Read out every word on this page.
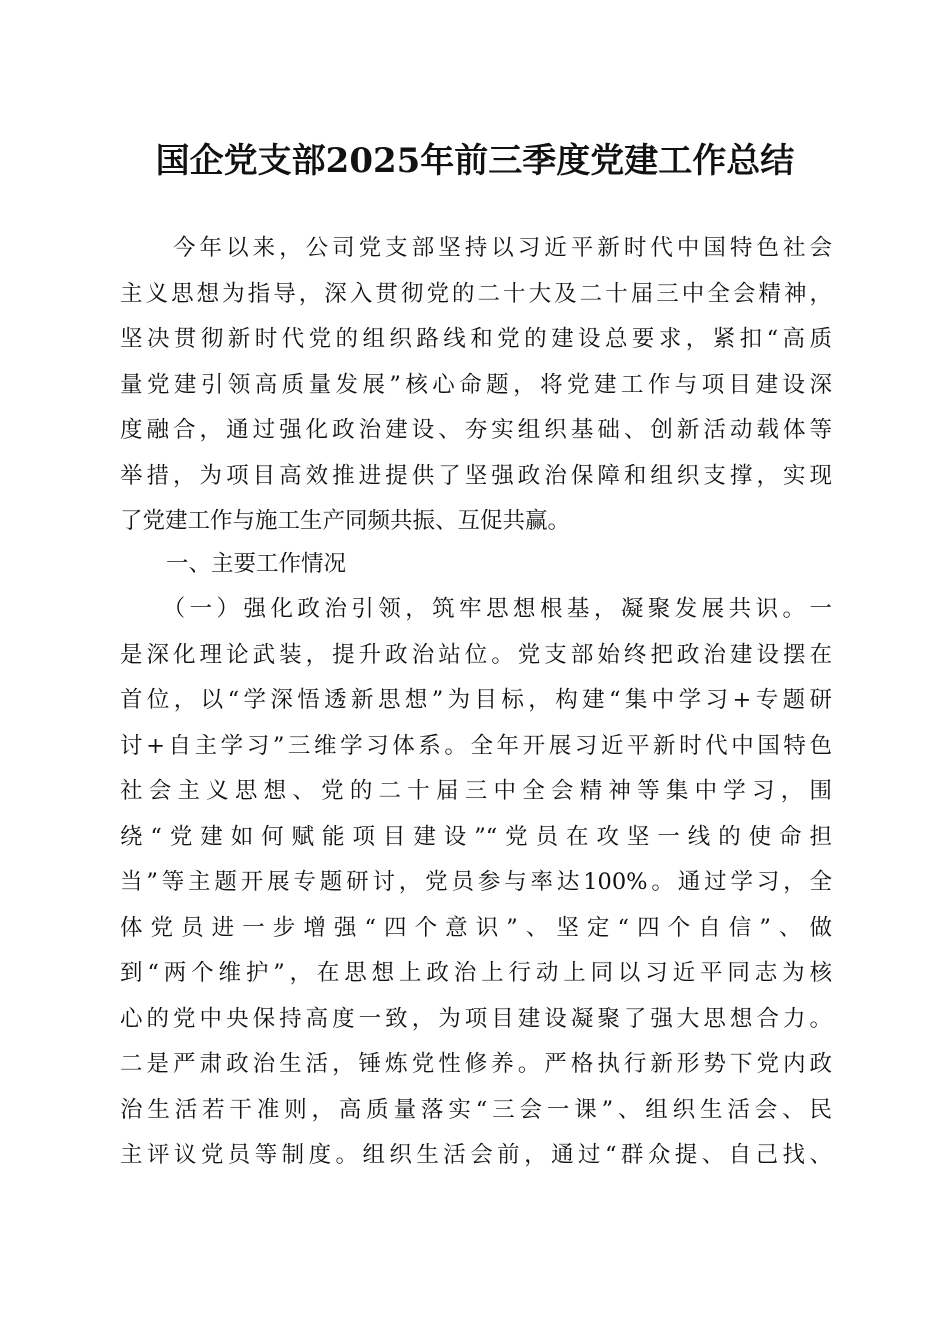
国企党支部2025年前三季度党建工作总结
　　今年以来，公司党支部坚持以习近平新时代中国特色社会
主义思想为指导，深入贯彻党的二十大及二十届三中全会精神，
坚决贯彻新时代党的组织路线和党的建设总要求，紧扣“高质
量党建引领高质量发展”核心命题，将党建工作与项目建设深
度融合，通过强化政治建设、夯实组织基础、创新活动载体等
举措，为项目高效推进提供了坚强政治保障和组织支撑，实现
了党建工作与施工生产同频共振、互促共赢。
一、主要工作情况
　　（一）强化政治引领，筑牢思想根基，凝聚发展共识。一
是深化理论武装，提升政治站位。党支部始终把政治建设摆在
首位，以“学深悟透新思想”为目标，构建“集中学习+专题研
讨+自主学习”三维学习体系。全年开展习近平新时代中国特色
社会主义思想、党的二十届三中全会精神等集中学习，围
绕“党建如何赋能项目建设”“党员在攻坚一线的使命担
当”等主题开展专题研讨，党员参与率达100%。通过学习，全
体党员进一步增强“四个意识”、坚定“四个自信”、做
到“两个维护”，在思想上政治上行动上同以习近平同志为核
心的党中央保持高度一致，为项目建设凝聚了强大思想合力。
二是严肃政治生活，锤炼党性修养。严格执行新形势下党内政
治生活若干准则，高质量落实“三会一课”、组织生活会、民
主评议党员等制度。组织生活会前，通过“群众提、自己找、
